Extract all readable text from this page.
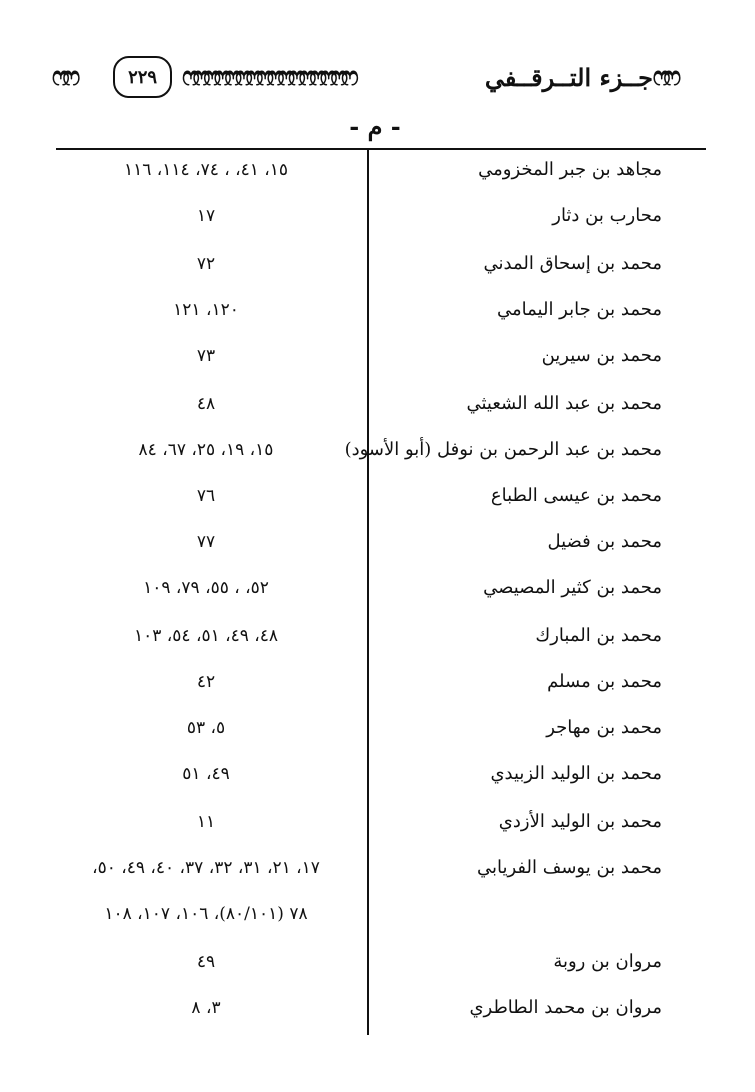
ෆෆ	٢٢٩ ෆෆෆෆෆෆෆෆෆෆෆෆෆෆෆෆ	جــزء التــرقــفي ෆෆ
- م -
مجاهد بن جبر المخزومي
١٥، ٤١، ، ٧٤، ١١٤، ١١٦
محارب بن دثار
١٧
محمد بن إسحاق المدني
٧٢
محمد بن جابر اليمامي
١٢٠، ١٢١
محمد بن سيرين
٧٣
محمد بن عبد الله الشعيثي
٤٨
محمد بن عبد الرحمن بن نوفل (أبو الأسود)
١٥، ١٩، ٢٥، ٦٧، ٨٤
محمد بن عيسى الطباع
٧٦
محمد بن فضيل
٧٧
محمد بن كثير المصيصي
٥٢، ، ٥٥، ٧٩، ١٠٩
محمد بن المبارك
٤٨، ٤٩، ٥١، ٥٤، ١٠٣
محمد بن مسلم
٤٢
محمد بن مهاجر
٥، ٥٣
محمد بن الوليد الزبيدي
٤٩، ٥١
محمد بن الوليد الأزدي
١١
محمد بن يوسف الفريابي
١٧، ٢١، ٣١، ٣٢، ٣٧، ٤٠، ٤٩، ٥٠،
٧٨ (٨٠/١٠١)، ١٠٦، ١٠٧، ١٠٨
مروان بن روبة
٤٩
مروان بن محمد الطاطري
٣، ٨
